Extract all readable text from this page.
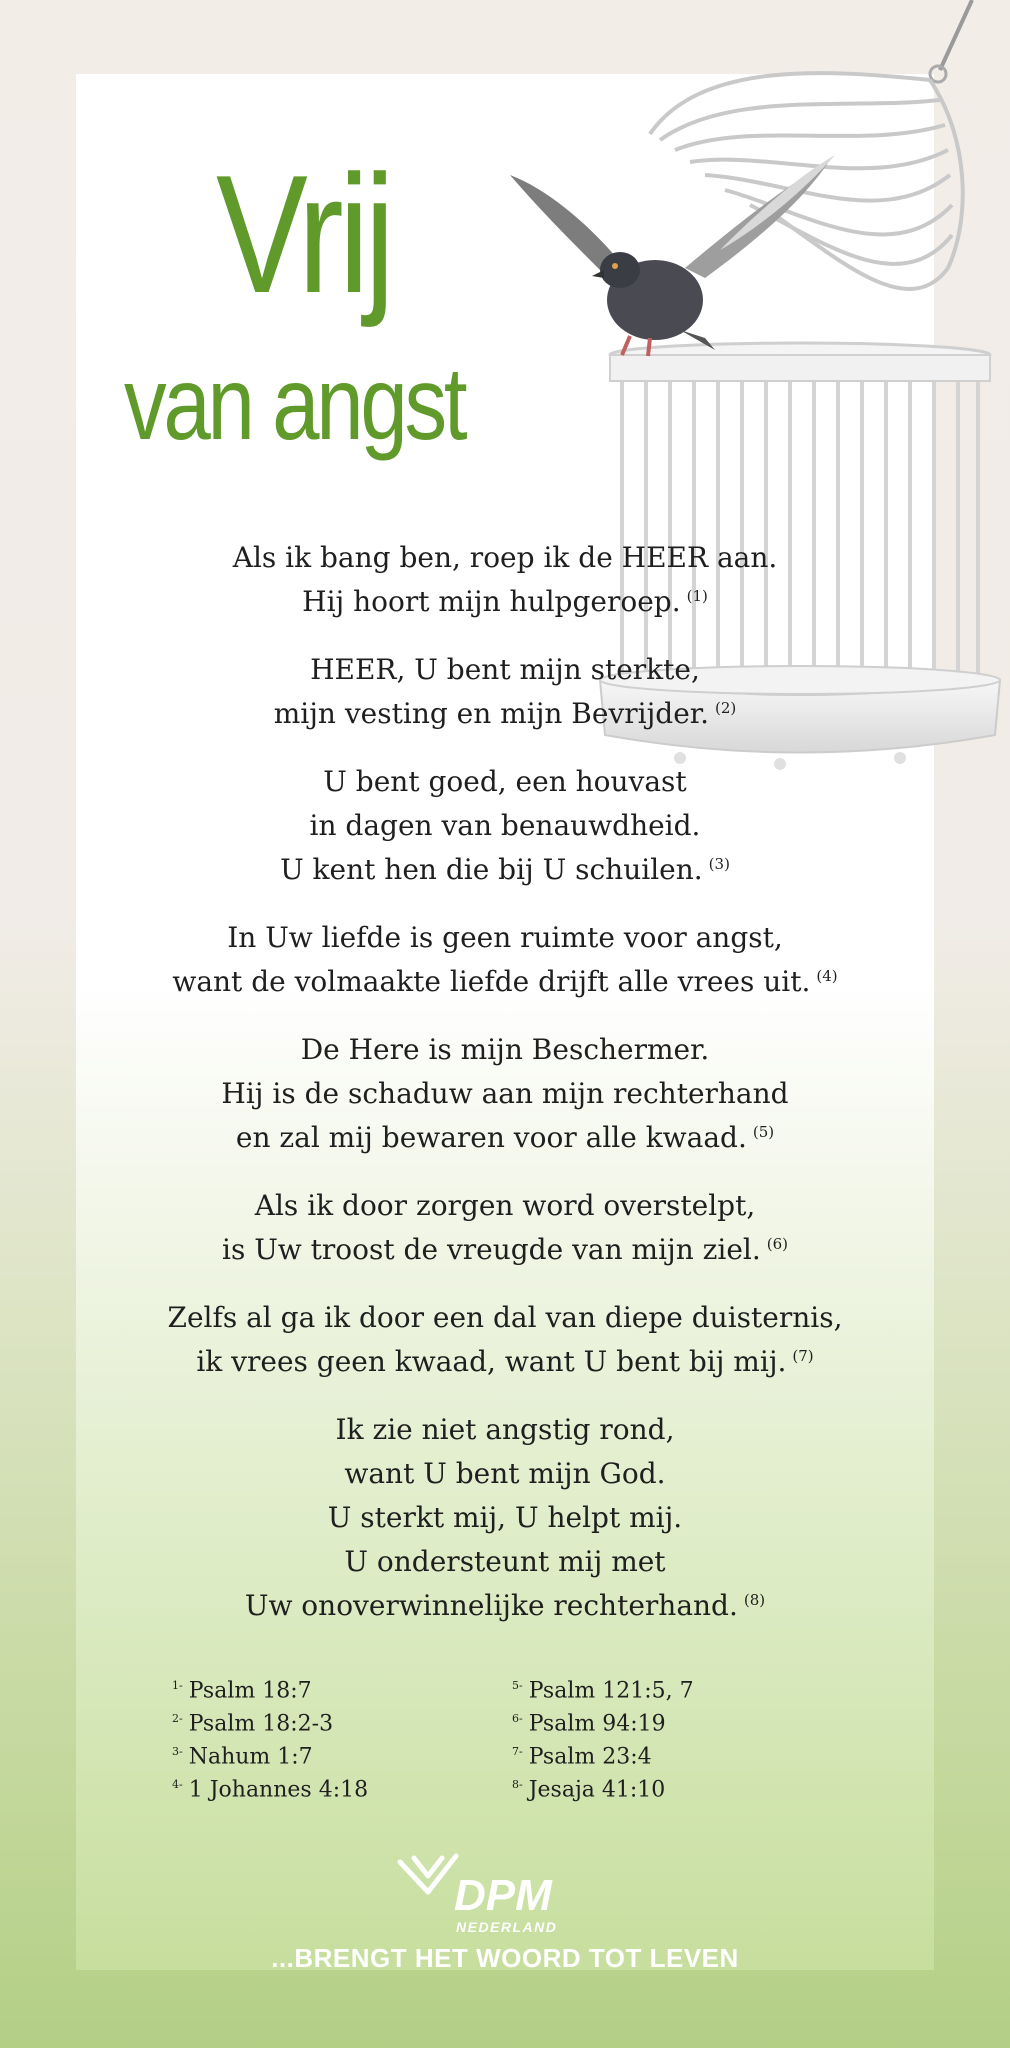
Vrij
van angst

Als ik bang ben, roep ik de HEER aan.
Hij hoort mijn hulpgeroep. $^{(1)}$

HEER, U bent mijn sterkte,
mijn vesting en mijn Bevrijder. $^{(2)}$

U bent goed, een houvast
in dagen van benauwdheid.
U kent hen die bij U schuilen. $^{(3)}$

In Uw liefde is geen ruimte voor angst,
want de volmaakte liefde drijft alle vrees uit. $^{(4)}$

De Here is mijn Beschermer.
Hij is de schaduw aan mijn rechterhand
en zal mij bewaren voor alle kwaad. $^{(5)}$

Als ik door zorgen word overstelpt,
is Uw troost de vreugde van mijn ziel. $^{(6)}$

Zelfs al ga ik door een dal van diepe duisternis,
ik vrees geen kwaad, want U bent bij mij. $^{(7)}$

Ik zie niet angstig rond,
want U bent mijn God.
U sterkt mij, U helpt mij.
U ondersteunt mij met
Uw onoverwinnelijke rechterhand. $^{(8)}$

$^{1-}$ Psalm 18:7
$^{2-}$ Psalm 18:2-3
$^{3-}$ Nahum 1:7
$^{4-}$ 1 Johannes 4:18
$^{5-}$ Psalm 121:5, 7
$^{6-}$ Psalm 94:19
$^{7-}$ Psalm 23:4
$^{8-}$ Jesaja 41:10
DPM
NEDERLAND
...BRENGT HET WOORD TOT LEVEN
